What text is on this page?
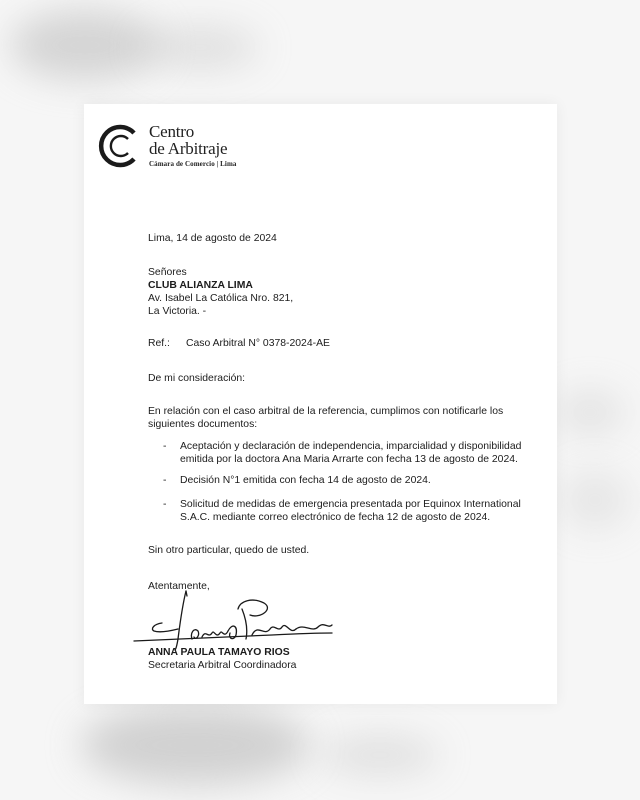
Centro
de Arbitraje
Cámara de Comercio | Lima
Lima, 14 de agosto de 2024
Señores
CLUB ALIANZA LIMA
Av. Isabel La Católica Nro. 821,
La Victoria. -
Ref.: Caso Arbitral N° 0378-2024-AE
De mi consideración:
En relación con el caso arbitral de la referencia, cumplimos con notificarle los
siguientes documentos:
- Aceptación y declaración de independencia, imparcialidad y disponibilidad
emitida por la doctora Ana Maria Arrarte con fecha 13 de agosto de 2024.
- Decisión N°1 emitida con fecha 14 de agosto de 2024.
- Solicitud de medidas de emergencia presentada por Equinox International
S.A.C. mediante correo electrónico de fecha 12 de agosto de 2024.
Sin otro particular, quedo de usted.
Atentamente,
ANNA PAULA TAMAYO RIOS
Secretaria Arbitral Coordinadora
